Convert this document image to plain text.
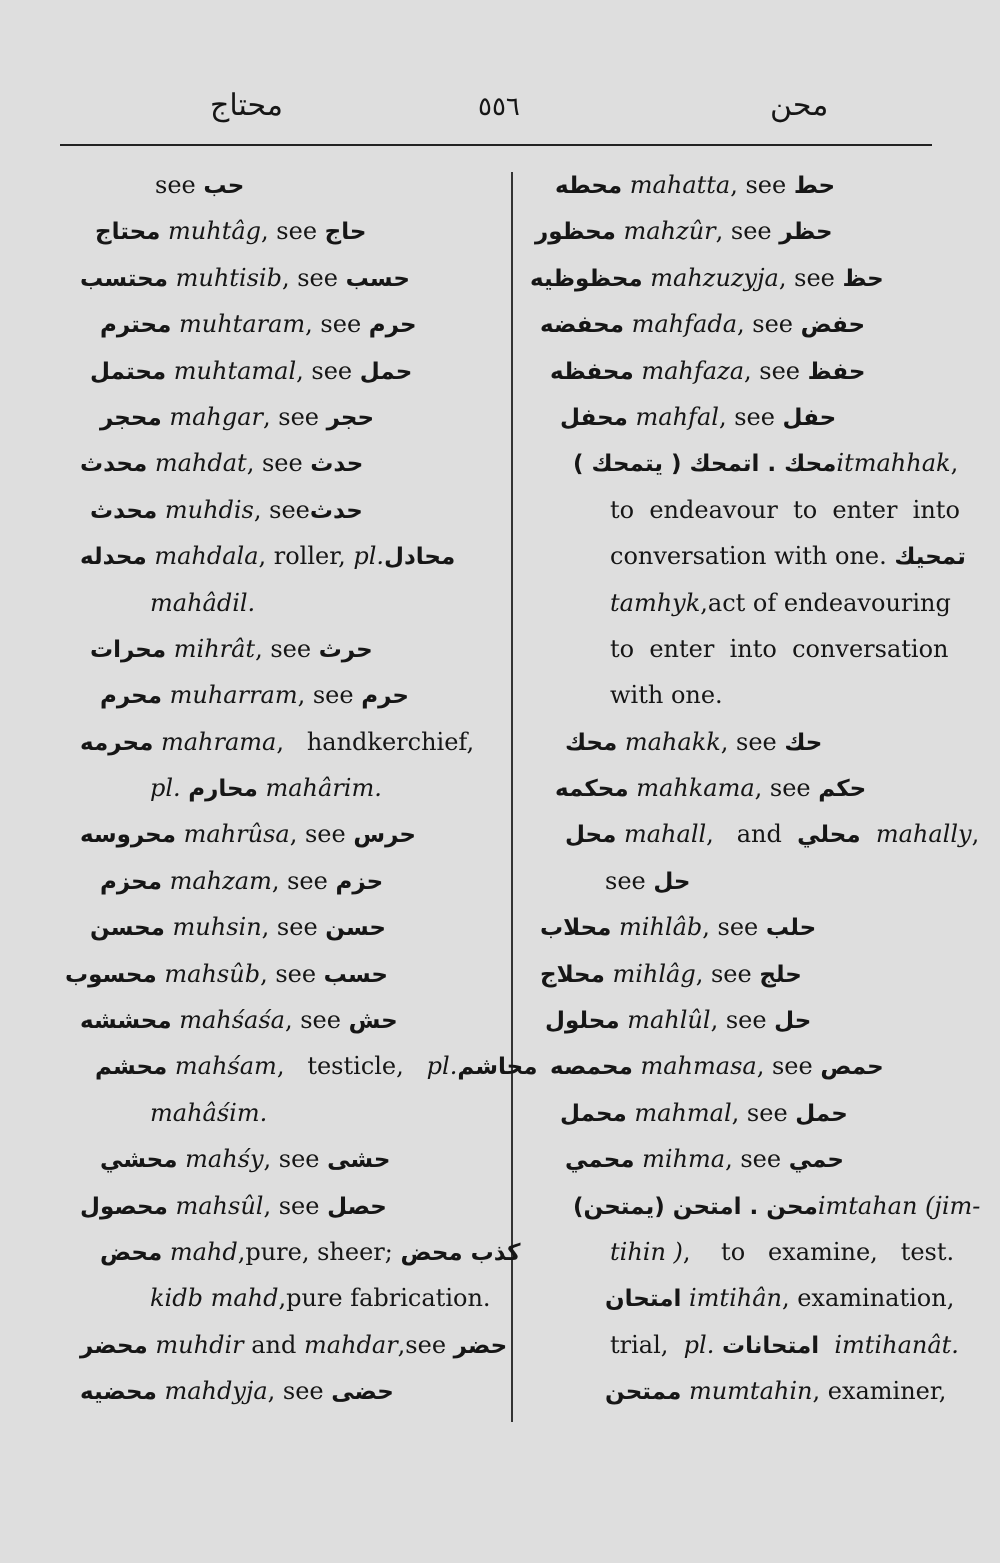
محتاج	٥٥٦	محن
see حب
محتاج muhtâg, see حاج
محتسب muhtisib, see حسب
محترم muhtaram, see حرم
محتمل muhtamal, see حمل
محجر mahgar, see حجر
محدث mahdat, see حدث
محدث muhdis, seeحدث
محدله mahdala, roller, pl. محادل
mahâdil.
محرات mihrât, see حرث
محرم muharram, see حرم
محرمه mahrama,   handkerchief,
pl. محارم mahârim.
محروسه mahrûsa, see حرس
محزم mahzam, see حزم
محسن muhsin, see حسن
محسوب mahsûb, see حسب
محششه mahśaśa, see حش
محشم mahśam,   testicle,   pl. محاشم
mahâśim.
محشي mahśy, see حشى
محصول mahsûl, see حصل
محض mahd,pure, sheer; كذب محض
kidb mahd,pure fabrication.
محضر muhdir and mahdar,see حضر
محضيه mahdyja, see حضى
محطه mahatta, see حط
محظور mahzûr, see حظر
محظوظيه mahzuzyja, see حظ
محفضه mahfada, see حفض
محفظه mahfaza, see حفظ
محفل mahfal, see حفل
محك . اتمحك ( يتمحك ) itmahhak,
to  endeavour  to  enter  into
conversation with one. تمحيك
tamhyk,act of endeavouring
to  enter  into  conversation
with one.
محك mahakk, see حك
محكمه mahkama, see حكم
محل mahall,   and  محلي  mahally,
see حل
محلاب mihlâb, see حلب
محلاج mihlâg, see حلج
محلول mahlûl, see حل
محمصه mahmasa, see حمص
محمل mahmal, see حمل
محمي mihma, see حمي
محن . امتحن (يمتحن) imtahan (jim-
tihin ),    to   examine,   test.
امتحان imtihân, examination,
trial,  pl. امتحانات  imtihanât.
ممتحن mumtahin, examiner,
